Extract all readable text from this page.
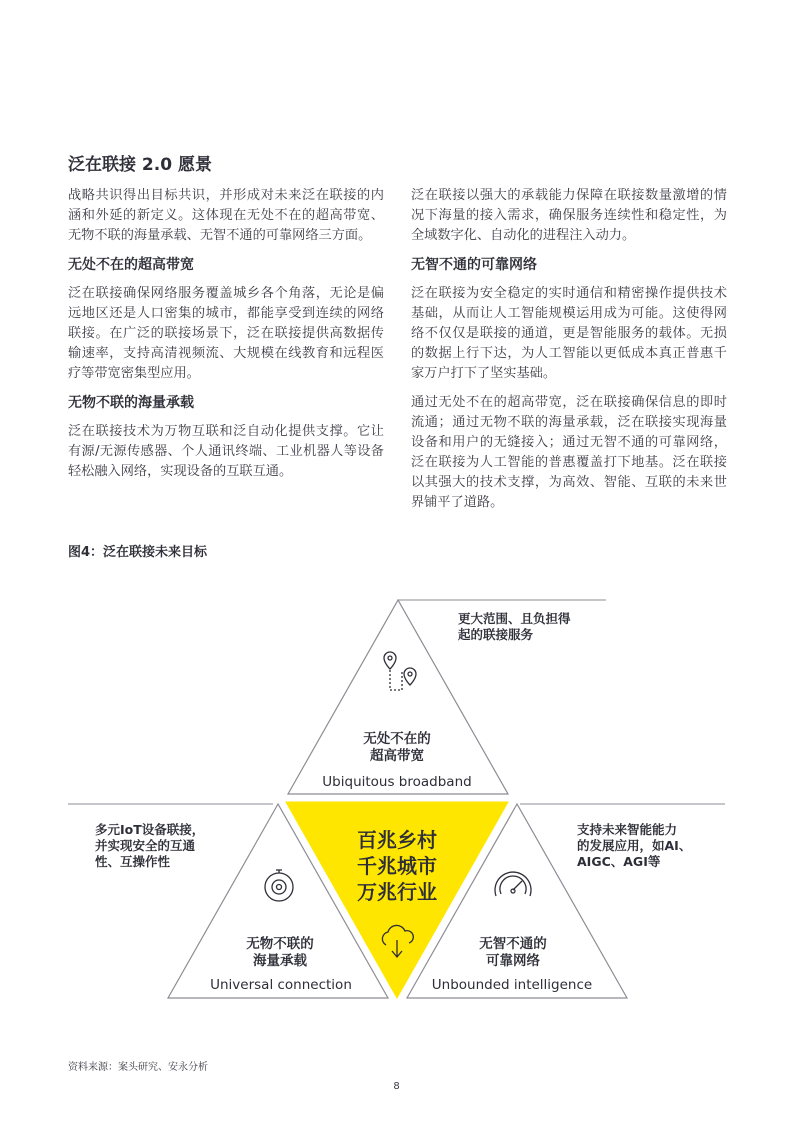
泛在联接 2.0 愿景

战略共识得出目标共识，并形成对未来泛在联接的内涵和外延的新定义。这体现在无处不在的超高带宽、无物不联的海量承载、无智不通的可靠网络三方面。

无处不在的超高带宽

泛在联接确保网络服务覆盖城乡各个角落，无论是偏远地区还是人口密集的城市，都能享受到连续的网络联接。在广泛的联接场景下，泛在联接提供高数据传输速率，支持高清视频流、大规模在线教育和远程医疗等带宽密集型应用。

无物不联的海量承载

泛在联接技术为万物互联和泛自动化提供支撑。它让有源/无源传感器、个人通讯终端、工业机器人等设备轻松融入网络，实现设备的互联互通。

泛在联接以强大的承载能力保障在联接数量激增的情况下海量的接入需求，确保服务连续性和稳定性，为全域数字化、自动化的进程注入动力。

无智不通的可靠网络

泛在联接为安全稳定的实时通信和精密操作提供技术基础，从而让人工智能规模运用成为可能。这使得网络不仅仅是联接的通道，更是智能服务的载体。无损的数据上行下达，为人工智能以更低成本真正普惠千家万户打下了坚实基础。

通过无处不在的超高带宽，泛在联接确保信息的即时流通；通过无物不联的海量承载，泛在联接实现海量设备和用户的无缝接入；通过无智不通的可靠网络，泛在联接为人工智能的普惠覆盖打下地基。泛在联接以其强大的技术支撑，为高效、智能、互联的未来世界铺平了道路。

图4：泛在联接未来目标
更大范围、且负担得
起的联接服务
多元IoT设备联接，
并实现安全的互通
性、互操作性
支持未来智能能力
的发展应用，如AI、
AIGC、AGI等
无处不在的
超高带宽
Ubiquitous broadband
无物不联的
海量承载
Universal connection
无智不通的
可靠网络
Unbounded intelligence
百兆乡村
千兆城市
万兆行业
资料来源：案头研究、安永分析
8
